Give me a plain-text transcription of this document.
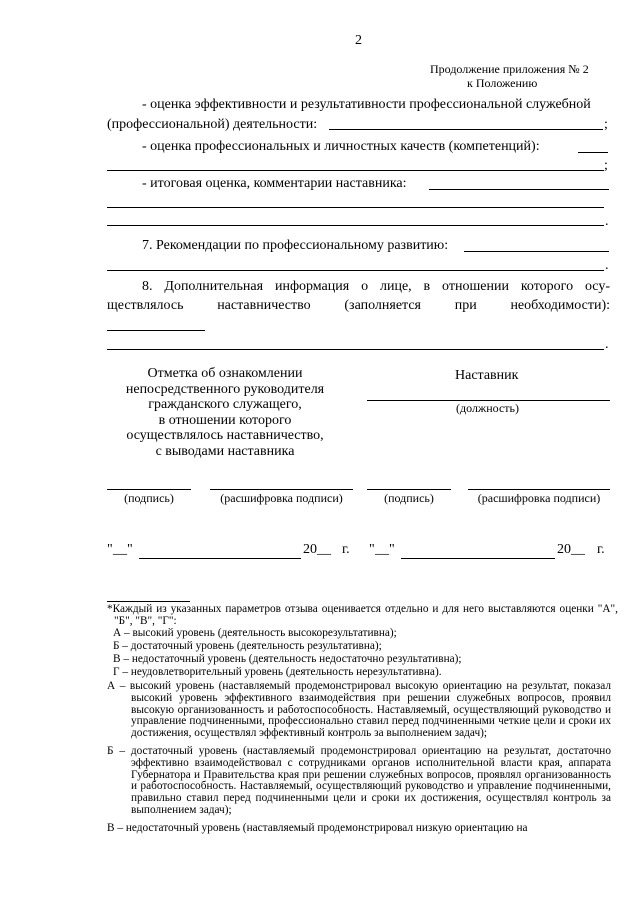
2
Продолжение приложения № 2
к Положению
- оценка эффективности и результативности профессиональной служебной
(профессиональной) деятельности:	;
- оценка профессиональных и личностных качеств (компетенций):
;
- итоговая оценка, комментарии наставника:
.
7. Рекомендации по профессиональному развитию:
.
8. Дополнительная информация о лице, в отношении которого осу-
ществлялось наставничество (заполняется при необходимости):
.
Отметка об ознакомлении
непосредственного руководителя
гражданского служащего,
в отношении которого
осуществлялось наставничество,
с выводами наставника
Наставник
(должность)
(подпись)	(расшифровка подписи)	(подпись)	(расшифровка подписи)
" __ "	20 __ г. " __ "	20 __ г.
*Каждый из указанных параметров отзыва оценивается отдельно и для него выставляются оценки "А", "Б", "В", "Г":
А – высокий уровень (деятельность высокорезультативна);
Б – достаточный уровень (деятельность результативна);
В – недостаточный уровень (деятельность недостаточно результативна);
Г – неудовлетворительный уровень (деятельность нерезультативна).
А – высокий уровень (наставляемый продемонстрировал высокую ориентацию на результат, показал высокий уровень эффективного взаимодействия при решении служебных вопросов, проявил высокую организованность и работоспособность. Наставляемый, осуществляющий руководство и управление подчиненными, профессионально ставил перед подчиненными четкие цели и сроки их достижения, осуществлял эффективный контроль за выполнением задач);
Б – достаточный уровень (наставляемый продемонстрировал ориентацию на результат, достаточно эффективно взаимодействовал с сотрудниками органов исполнительной власти края, аппарата Губернатора и Правительства края при решении служебных вопросов, проявлял организованность и работоспособность. Наставляемый, осуществляющий руководство и управление подчиненными, правильно ставил перед подчиненными цели и сроки их достижения, осуществлял контроль за выполнением задач);
В – недостаточный уровень (наставляемый продемонстрировал низкую ориентацию на
